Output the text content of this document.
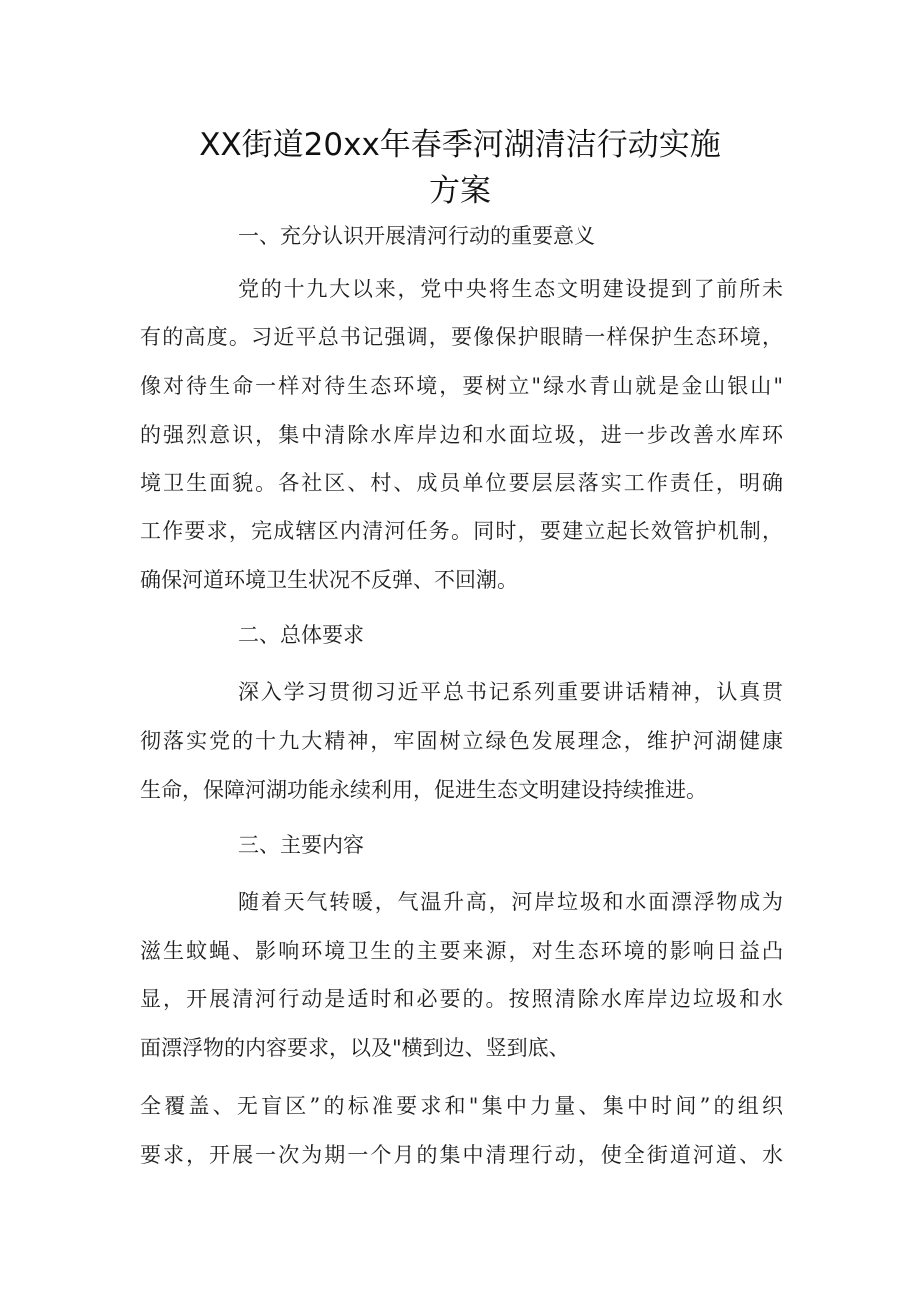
XX街道20xx年春季河湖清洁行动实施
方案
一、充分认识开展清河行动的重要意义
党的十九大以来，党中央将生态文明建设提到了前所未
有的高度。习近平总书记强调，要像保护眼睛一样保护生态环境，
像对待生命一样对待生态环境，要树立"绿水青山就是金山银山"
的强烈意识，集中清除水库岸边和水面垃圾，进一步改善水库环
境卫生面貌。各社区、村、成员单位要层层落实工作责任，明确
工作要求，完成辖区内清河任务。同时，要建立起长效管护机制，
确保河道环境卫生状况不反弹、不回潮。
二、总体要求
深入学习贯彻习近平总书记系列重要讲话精神，认真贯
彻落实党的十九大精神，牢固树立绿色发展理念，维护河湖健康
生命，保障河湖功能永续利用，促进生态文明建设持续推进。
三、主要内容
随着天气转暖，气温升高，河岸垃圾和水面漂浮物成为
滋生蚊蝇、影响环境卫生的主要来源，对生态环境的影响日益凸
显，开展清河行动是适时和必要的。按照清除水库岸边垃圾和水
面漂浮物的内容要求，以及"横到边、竖到底、
全覆盖、无盲区”的标准要求和"集中力量、集中时间”的组织
要求，开展一次为期一个月的集中清理行动，使全街道河道、水
